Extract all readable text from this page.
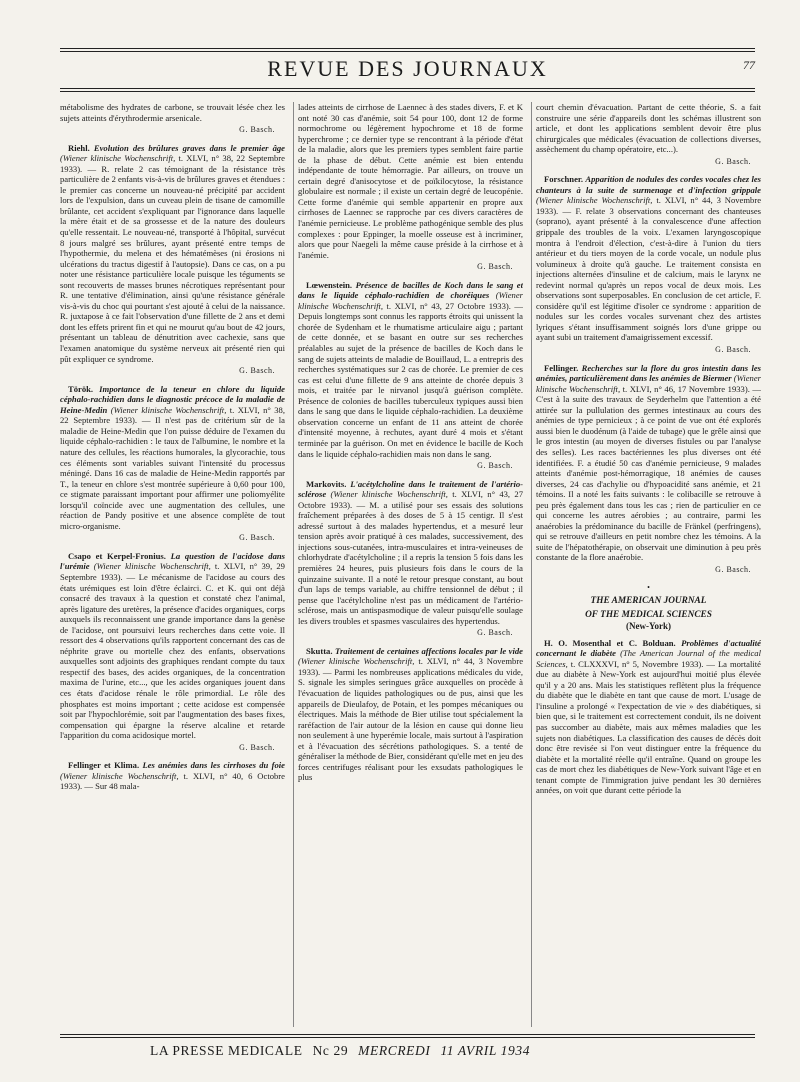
REVUE DES JOURNAUX	77

métabolisme des hydrates de carbone, se trouvait lésée chez les sujets atteints d'érythrodermie arsenicale.

G. Basch.

Riehl. Evolution des brûlures graves dans le premier âge (Wiener klinische Wochenschrift, t. XLVI, n° 38, 22 Septembre 1933). — R. relate 2 cas témoignant de la résistance très particulière de 2 enfants vis-à-vis de brûlures graves et étendues : le premier cas concerne un nouveau-né précipité par accident lors de l'expulsion, dans un cuveau plein de tisane de camomille brûlante, cet accident s'expliquant par l'ignorance dans laquelle la mère était et de sa grossesse et de la nature des douleurs qu'elle ressentait. Le nouveau-né, transporté à l'hôpital, survécut 8 jours malgré ses brûlures, ayant présenté entre temps de l'hypothermie, du melena et des hématémèses (ni érosions ni ulcérations du tractus digestif à l'autopsie). Dans ce cas, on a pu noter une résistance particulière locale puisque les téguments se sont recouverts de masses brunes nécrotiques représentant pour R. une tentative d'élimination, ainsi qu'une résistance générale vis-à-vis du choc qui pourtant s'est ajouté à celui de la naissance. R. juxtapose à ce fait l'observation d'une fillette de 2 ans et demi dont les effets prirent fin et qui ne mourut qu'au bout de 42 jours, présentant un tableau de dénutrition avec cachexie, sans que l'examen anatomique du système nerveux ait présenté rien qui pût expliquer ce syndrome.

G. Basch.

Török. Importance de la teneur en chlore du liquide céphalo-rachidien dans le diagnostic précoce de la maladie de Heine-Medin (Wiener klinische Wochenschrift, t. XLVI, n° 38, 22 Septembre 1933). — Il n'est pas de critérium sûr de la maladie de Heine-Medin que l'on puisse déduire de l'examen du liquide céphalo-rachidien : le taux de l'albumine, le nombre et la nature des cellules, les réactions humorales, la glycorachie, tous ces éléments sont variables suivant l'intensité du processus méningé. Dans 16 cas de maladie de Heine-Medin rapportés par T., la teneur en chlore s'est montrée supérieure à 0,60 pour 100, ce stigmate paraissant important pour affirmer une poliomyélite lorsqu'il coïncide avec une augmentation des cellules, une réaction de Pandy positive et une absence complète de tout micro-organisme.

G. Basch.

Csapo et Kerpel-Fronius. La question de l'acidose dans l'urémie (Wiener klinische Wochenschrift, t. XLVI, n° 39, 29 Septembre 1933). — Le mécanisme de l'acidose au cours des états urémiques est loin d'être éclairci. C. et K. qui ont déjà consacré des travaux à la question et constaté chez l'animal, après ligature des uretères, la présence d'acides organiques, corps auxquels ils reconnaissent une grande importance dans la genèse de l'acidose, ont poursuivi leurs recherches dans cette voie. Il ressort des 4 observations qu'ils rapportent concernant des cas de néphrite grave ou mortelle chez des enfants, observations auxquelles sont adjoints des graphiques rendant compte du taux respectif des bases, des acides organiques, de la concentration maxima de l'urine, etc..., que les acides organiques jouent dans ces états d'acidose rénale le rôle primordial. Le rôle des phosphates est moins important ; cette acidose est compensée soit par l'hypochlorémie, soit par l'augmentation des bases fixes, compensation qui épargne la réserve alcaline et retarde l'apparition du coma acidosique mortel.

G. Basch.

Fellinger et Klima. Les anémies dans les cirrhoses du foie (Wiener klinische Wochenschrift, t. XLVI, n° 40, 6 Octobre 1933). — Sur 48 mala-

lades atteints de cirrhose de Laennec à des stades divers, F. et K ont noté 30 cas d'anémie, soit 54 pour 100, dont 12 de forme normochrome ou légèrement hypochrome et 18 de forme hyperchrome ; ce dernier type se rencontrant à la période d'état de la maladie, alors que les premiers types semblent faire partie de la phase de début. Cette anémie est bien entendu indépendante de toute hémorragie. Par ailleurs, on trouve un certain degré d'anisocytose et de poïkilocytose, la résistance globulaire est normale ; il existe un certain degré de leucopénie. Cette forme d'anémie qui semble appartenir en propre aux cirrhoses de Laennec se rapproche par ces divers caractères de l'anémie pernicieuse. Le problème pathogénique semble des plus complexes : pour Eppinger, la moelle osseuse est à incriminer, alors que pour Naegeli la même cause préside à la cirrhose et à l'anémie.

G. Basch.

Lœwenstein. Présence de bacilles de Koch dans le sang et dans le liquide céphalo-rachidien de choréiques (Wiener klinische Wochenschrift, t. XLVI, n° 43, 27 Octobre 1933). — Depuis longtemps sont connus les rapports étroits qui unissent la chorée de Sydenham et le rhumatisme articulaire aigu ; partant de cette donnée, et se basant en outre sur ses recherches préalables au sujet de la présence de bacilles de Koch dans le sang de sujets atteints de maladie de Bouillaud, L. a entrepris des recherches systématiques sur 2 cas de chorée. Le premier de ces cas est celui d'une fillette de 9 ans atteinte de chorée depuis 3 mois, et traitée par le nirvanol jusqu'à guérison complète. Présence de colonies de bacilles tuberculeux typiques aussi bien dans le sang que dans le liquide céphalo-rachidien. La deuxième observation concerne un enfant de 11 ans atteint de chorée d'intensité moyenne, à rechutes, ayant duré 4 mois et s'étant terminée par la guérison. On met en évidence le bacille de Koch dans le liquide céphalo-rachidien mais non dans le sang.

G. Basch.

Markovits. L'acétylcholine dans le traitement de l'artério-sclérose (Wiener klinische Wochenschrift, t. XLVI, n° 43, 27 Octobre 1933). — M. a utilisé pour ses essais des solutions fraîchement préparées à des doses de 5 à 15 centigr. Il s'est adressé surtout à des malades hypertendus, et a mesuré leur tension après avoir pratiqué à ces malades, successivement, des injections sous-cutanées, intra-musculaires et intra-veineuses de chlorhydrate d'acétylcholine ; il a repris la tension 5 fois dans les premières 24 heures, puis plusieurs fois dans le cours de la quinzaine suivante. Il a noté le retour presque constant, au bout d'un laps de temps variable, au chiffre tensionnel de début ; il pense que l'acétylcholine n'est pas un médicament de l'artério-sclérose, mais un antispasmodique de valeur puisqu'elle soulage les divers troubles et spasmes vasculaires des hypertendus.

G. Basch.

Skutta. Traitement de certaines affections locales par le vide (Wiener klinische Wochenschrift, t. XLVI, n° 44, 3 Novembre 1933). — Parmi les nombreuses applications médicales du vide, S. signale les simples seringues grâce auxquelles on procède à l'évacuation de liquides pathologiques ou de pus, ainsi que les appareils de Dieulafoy, de Potain, et les pompes mécaniques ou électriques. Mais la méthode de Bier utilise tout spécialement la raréfaction de l'air autour de la lésion en cause qui donne lieu non seulement à une hyperémie locale, mais surtout à l'aspiration et à l'évacuation des sécrétions pathologiques. S. a tenté de généraliser la méthode de Bier, considérant qu'elle met en jeu des forces centrifuges réalisant pour les exsudats pathologiques le plus

court chemin d'évacuation. Partant de cette théorie, S. a fait construire une série d'appareils dont les schémas illustrent son article, et dont les applications semblent devoir être plus chirurgicales que médicales (évacuation de collections diverses, assèchement du champ opératoire, etc...).

G. Basch.

Forschner. Apparition de nodules des cordes vocales chez les chanteurs à la suite de surmenage et d'infection grippale (Wiener klinische Wochenschrift, t. XLVI, n° 44, 3 Novembre 1933). — F. relate 3 observations concernant des chanteuses (soprano), ayant présenté à la convalescence d'une affection grippale des troubles de la voix. L'examen laryngoscopique montra à l'endroit d'élection, c'est-à-dire à l'union du tiers antérieur et du tiers moyen de la corde vocale, un nodule plus volumineux à droite qu'à gauche. Le traitement consista en injections alternées d'insuline et de calcium, mais le larynx ne redevint normal qu'après un repos vocal de deux mois. Les observations sont superposables. En conclusion de cet article, F. considère qu'il est légitime d'isoler ce syndrome : apparition de nodules sur les cordes vocales survenant chez des artistes lyriques s'étant insuffisamment soignés lors d'une grippe ou ayant subi un traitement d'amaigrissement excessif.

G. Basch.

Fellinger. Recherches sur la flore du gros intestin dans les anémies, particulièrement dans les anémies de Biermer (Wiener klinische Wochenschrift, t. XLVI, n° 46, 17 Novembre 1933). — C'est à la suite des travaux de Seyderhelm que l'attention a été attirée sur la pullulation des germes intestinaux au cours des anémies de type pernicieux ; à ce point de vue ont été explorés aussi bien le duodénum (à l'aide de tubage) que le grêle ainsi que le gros intestin (au moyen de diverses fistules ou par l'analyse des selles). Les races bactériennes les plus diverses ont été identifiées. F. a étudié 50 cas d'anémie pernicieuse, 9 malades atteints d'anémie post-hémorragique, 18 anémies de causes diverses, 24 cas d'achylie ou d'hypoacidité sans anémie, et 21 témoins. Il a noté les faits suivants : le colibacille se retrouve à peu près également dans tous les cas ; rien de particulier en ce qui concerne les autres aérobies ; au contraire, parmi les anaérobies la prédominance du bacille de Fränkel (perfringens), qui se retrouve d'ailleurs en petit nombre chez les témoins. A la suite de l'hépatothérapie, on observait une diminution à peu près constante de la flore anaérobie.

G. Basch.
•
THE AMERICAN JOURNAL
OF THE MEDICAL SCIENCES
(New-York)

H. O. Mosenthal et C. Bolduan. Problèmes d'actualité concernant le diabète (The American Journal of the medical Sciences, t. CLXXXVI, n° 5, Novembre 1933). — La mortalité due au diabète à New-York est aujourd'hui moitié plus élevée qu'il y a 20 ans. Mais les statistiques reflètent plus la fréquence du diabète que le diabète en tant que cause de mort. L'usage de l'insuline a prolongé « l'expectation de vie » des diabétiques, si bien que, si le traitement est correctement conduit, ils ne doivent pas succomber au diabète, mais aux mêmes maladies que les sujets non diabétiques. La classification des causes de décès doit donc être revisée si l'on veut distinguer entre la fréquence du diabète et la mortalité réelle qu'il entraîne. Quand on groupe les cas de mort chez les diabétiques de New-York suivant l'âge et en tenant compte de l'immigration juive pendant les 30 dernières années, on voit que durant cette période la

LA PRESSE MEDICALE Nc 29 MERCREDI 11 AVRIL 1934
